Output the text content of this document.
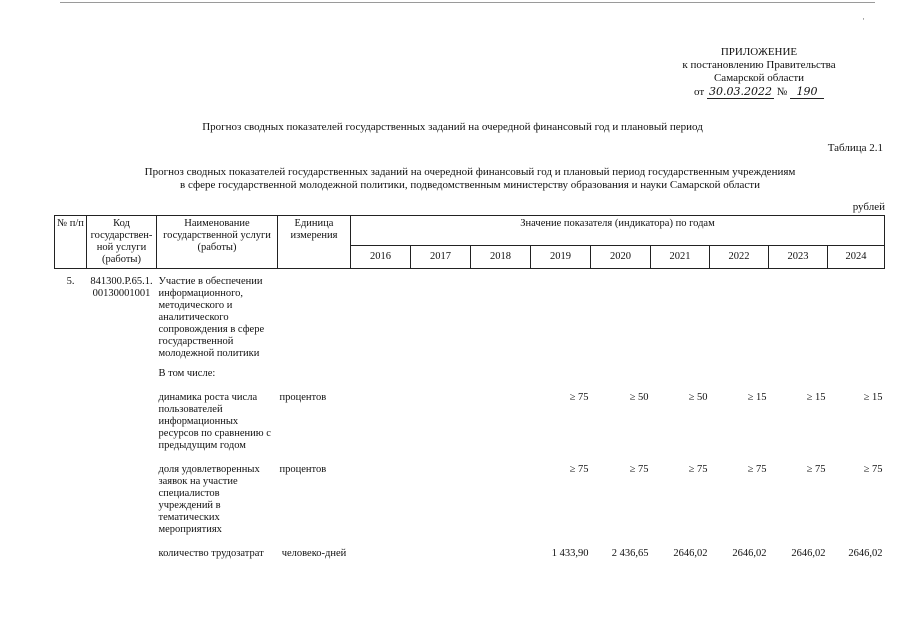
ПРИЛОЖЕНИЕ
к постановлению Правительства
Самарской области
от 30.03.2022 № 190
Прогноз сводных показателей государственных заданий на очередной финансовый год и плановый период
Таблица 2.1
Прогноз сводных показателей государственных заданий на очередной финансовый год и плановый период государственным учреждениям
в сфере государственной молодежной политики, подведомственным министерству образования и науки Самарской области
рублей
№ п/п	Код государствен-ной услуги (работы)	Наименование государственной услуги (работы)	Единица измерения	Значение показателя (индикатора) по годам								
				2016	2017	2018	2019	2020	2021	2022	2023	2024

5.	841300.Р.65.1. 00130001001	Участие в обеспечении информационного, методического и аналитического сопровождения в сфере государственной молодежной политики										

		В том числе:										

		динамика роста числа пользователей информационных ресурсов по сравнению с предыдущим годом	процентов				≥ 75	≥ 50	≥ 50	≥ 15	≥ 15	≥ 15

		доля удовлетворенных заявок на участие специалистов учреждений в тематических мероприятиях	процентов				≥ 75	≥ 75	≥ 75	≥ 75	≥ 75	≥ 75

		количество трудозатрат	человеко-дней				1 433,90	2 436,65	2646,02	2646,02	2646,02	2646,02
·
